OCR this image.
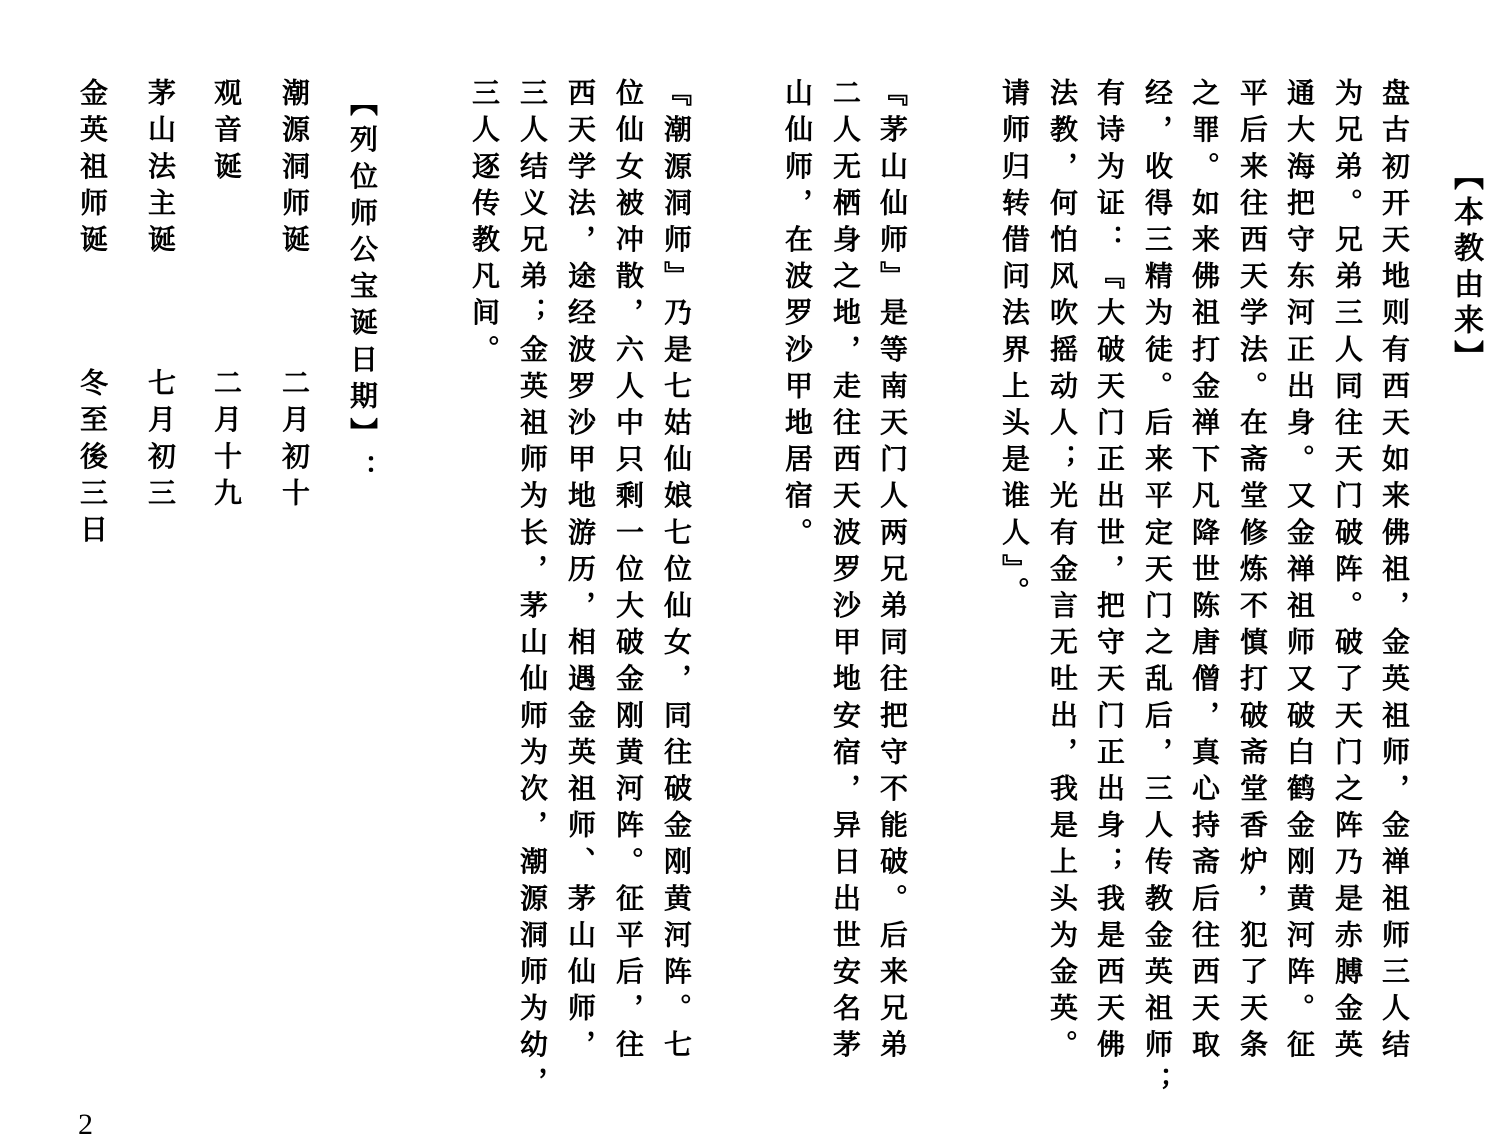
【本教由来】
盘古初开天地则有西天如来佛祖，金英祖师，金禅祖师三人结
为兄弟。兄弟三人同往天门破阵。破了天门之阵乃是赤膊金英
通大海把守东河正出身。又金禅祖师又破白鹤金刚黄河阵。征
平后来往西天学法。在斋堂修炼不慎打破斋堂香炉，犯了天条
之罪。如来佛祖打金禅下凡降世陈唐僧，真心持斋后往西天取
经，收得三精为徒。后来平定天门之乱后，三人传教金英祖师；
有诗为证：『大破天门正出世，把守天门正出身；我是西天佛
法教，何怕风吹摇动人；光有金言无吐出，我是上头为金英。
请师归转借问法界上头是谁人』。
『茅山仙师』是等南天门人两兄弟同往把守不能破。后来兄弟
二人无栖身之地，走往西天波罗沙甲地安宿，异日出世安名茅
山仙师，在波罗沙甲地居宿。
『潮源洞师』乃是七姑仙娘七位仙女，同往破金刚黄河阵。七
位仙女被冲散，六人中只剩一位大破金刚黄河阵。征平后，往
西天学法，途经波罗沙甲地游历，相遇金英祖师、茅山仙师，
三人结义兄弟；金英祖师为长，茅山仙师为次，潮源洞师为幼，
三人逐传教凡间。
【列位师公宝诞日期】：
潮源洞师诞
二月初十
观音诞
二月十九
茅山法主诞
七月初三
金英祖师诞
冬至後三日
2
